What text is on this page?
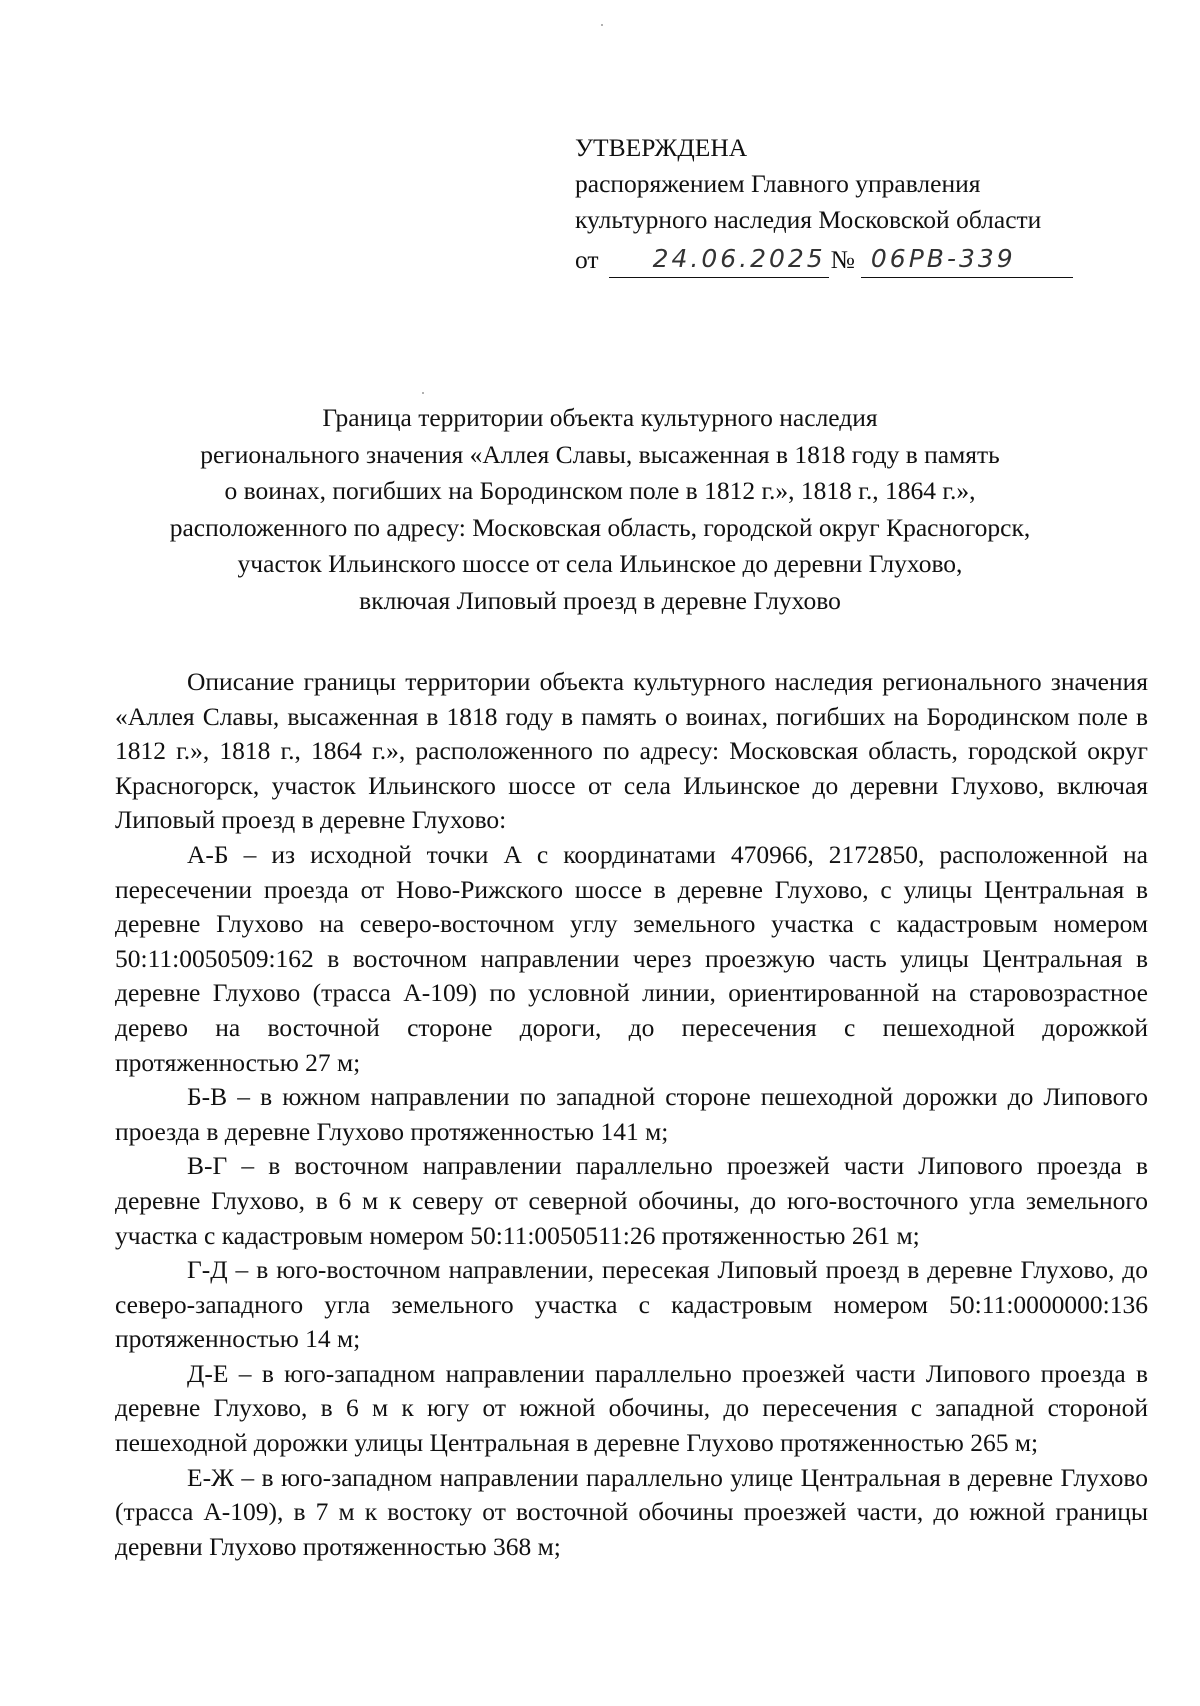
УТВЕРЖДЕНА
распоряжением Главного управления
культурного наследия Московской области
от 24.06.2025 № 06РВ-339
Граница территории объекта культурного наследия
регионального значения «Аллея Славы, высаженная в 1818 году в память
о воинах, погибших на Бородинском поле в 1812 г.», 1818 г., 1864 г.»,
расположенного по адресу: Московская область, городской округ Красногорск,
участок Ильинского шоссе от села Ильинское до деревни Глухово,
включая Липовый проезд в деревне Глухово

Описание границы территории объекта культурного наследия регионального значения «Аллея Славы, высаженная в 1818 году в память о воинах, погибших на Бородинском поле в 1812 г.», 1818 г., 1864 г.», расположенного по адресу: Московская область, городской округ Красногорск, участок Ильинского шоссе от села Ильинское до деревни Глухово, включая Липовый проезд в деревне Глухово:

А-Б – из исходной точки А с координатами 470966, 2172850, расположенной на пересечении проезда от Ново-Рижского шоссе в деревне Глухово, с улицы Центральная в деревне Глухово на северо-восточном углу земельного участка с кадастровым номером 50:11:0050509:162 в восточном направлении через проезжую часть улицы Центральная в деревне Глухово (трасса А-109) по условной линии, ориентированной на старовозрастное дерево на восточной стороне дороги, до пересечения с пешеходной дорожкой протяженностью 27 м;

Б-В – в южном направлении по западной стороне пешеходной дорожки до Липового проезда в деревне Глухово протяженностью 141 м;

В-Г – в восточном направлении параллельно проезжей части Липового проезда в деревне Глухово, в 6 м к северу от северной обочины, до юго-восточного угла земельного участка с кадастровым номером 50:11:0050511:26 протяженностью 261 м;

Г-Д – в юго-восточном направлении, пересекая Липовый проезд в деревне Глухово, до северо-западного угла земельного участка с кадастровым номером 50:11:0000000:136 протяженностью 14 м;

Д-Е – в юго-западном направлении параллельно проезжей части Липового проезда в деревне Глухово, в 6 м к югу от южной обочины, до пересечения с западной стороной пешеходной дорожки улицы Центральная в деревне Глухово протяженностью 265 м;

Е-Ж – в юго-западном направлении параллельно улице Центральная в деревне Глухово (трасса А-109), в 7 м к востоку от восточной обочины проезжей части, до южной границы деревни Глухово протяженностью 368 м;
